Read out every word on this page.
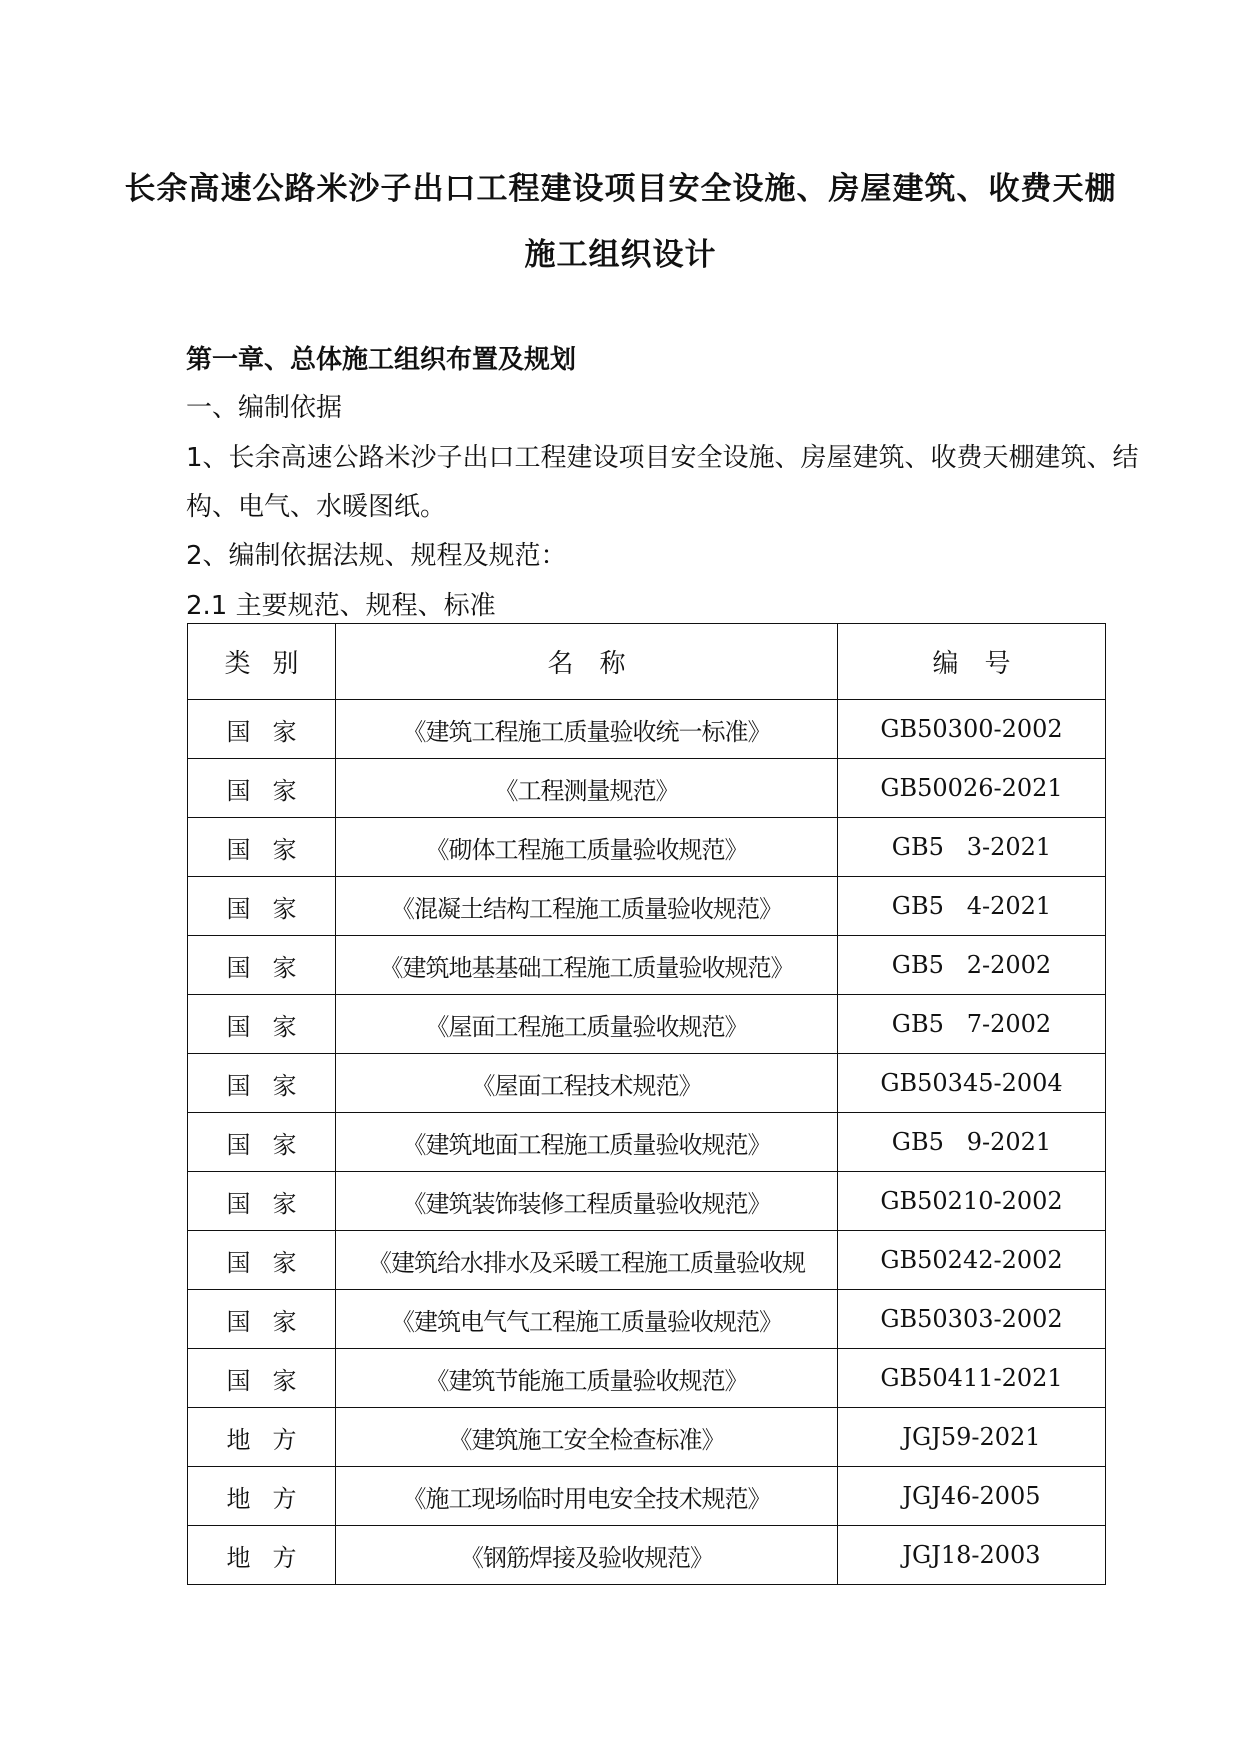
长余高速公路米沙子出口工程建设项目安全设施、房屋建筑、收费天棚
施工组织设计
第一章、总体施工组织布置及规划
一、编制依据
1、长余高速公路米沙子出口工程建设项目安全设施、房屋建筑、收费天棚建筑、结
构、电气、水暖图纸。
2、编制依据法规、规程及规范：
2.1 主要规范、规程、标准
类别	名称	编号
国家	《建筑工程施工质量验收统一标准》	GB50300-2002
国家	《工程测量规范》	GB50026-2021
国家	《砌体工程施工质量验收规范》	GB5   3-2021
国家	《混凝土结构工程施工质量验收规范》	GB5   4-2021
国家	《建筑地基基础工程施工质量验收规范》	GB5   2-2002
国家	《屋面工程施工质量验收规范》	GB5   7-2002
国家	《屋面工程技术规范》	GB50345-2004
国家	《建筑地面工程施工质量验收规范》	GB5   9-2021
国家	《建筑装饰装修工程质量验收规范》	GB50210-2002
国家	《建筑给水排水及采暖工程施工质量验收规	GB50242-2002
国家	《建筑电气气工程施工质量验收规范》	GB50303-2002
国家	《建筑节能施工质量验收规范》	GB50411-2021
地方	《建筑施工安全检查标准》	JGJ59-2021
地方	《施工现场临时用电安全技术规范》	JGJ46-2005
地方	《钢筋焊接及验收规范》	JGJ18-2003
